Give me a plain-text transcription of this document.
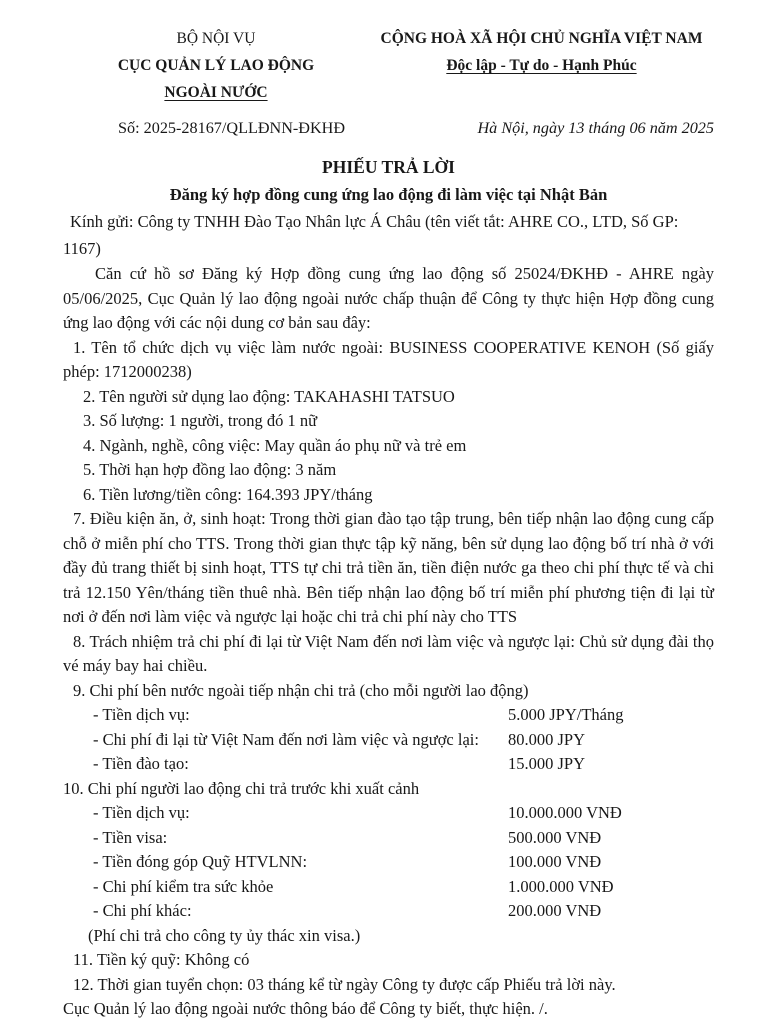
BỘ NỘI VỤ
CỤC QUẢN LÝ LAO ĐỘNG
NGOÀI NƯỚC
CỘNG HOÀ XÃ HỘI CHỦ NGHĨA VIỆT NAM
Độc lập - Tự do - Hạnh Phúc
Số: 2025-28167/QLLĐNN-ĐKHĐ	Hà Nội, ngày 13 tháng 06 năm 2025
PHIẾU TRẢ LỜI
Đăng ký hợp đồng cung ứng lao động đi làm việc tại Nhật Bản

Kính gửi: Công ty TNHH Đào Tạo Nhân lực Á Châu (tên viết tắt: AHRE CO., LTD, Số GP: 1167)

Căn cứ hồ sơ Đăng ký Hợp đồng cung ứng lao động số 25024/ĐKHĐ - AHRE ngày 05/06/2025, Cục Quản lý lao động ngoài nước chấp thuận để Công ty thực hiện Hợp đồng cung ứng lao động với các nội dung cơ bản sau đây:

1. Tên tổ chức dịch vụ việc làm nước ngoài: BUSINESS COOPERATIVE KENOH (Số giấy phép: 1712000238)

2. Tên người sử dụng lao động: TAKAHASHI TATSUO

3. Số lượng: 1 người, trong đó 1 nữ

4. Ngành, nghề, công việc: May quần áo phụ nữ và trẻ em

5. Thời hạn hợp đồng lao động: 3 năm

6. Tiền lương/tiền công: 164.393 JPY/tháng

7. Điều kiện ăn, ở, sinh hoạt: Trong thời gian đào tạo tập trung, bên tiếp nhận lao động cung cấp chỗ ở miễn phí cho TTS. Trong thời gian thực tập kỹ năng, bên sử dụng lao động bố trí nhà ở với đầy đủ trang thiết bị sinh hoạt, TTS tự chi trả tiền ăn, tiền điện nước ga theo chi phí thực tế và chi trả 12.150 Yên/tháng tiền thuê nhà. Bên tiếp nhận lao động bố trí miễn phí phương tiện đi lại từ nơi ở đến nơi làm việc và ngược lại hoặc chi trả chi phí này cho TTS

8. Trách nhiệm trả chi phí đi lại từ Việt Nam đến nơi làm việc và ngược lại: Chủ sử dụng đài thọ vé máy bay hai chiều.

9. Chi phí bên nước ngoài tiếp nhận chi trả (cho mỗi người lao động)

- Tiền dịch vụ:	5.000 JPY/Tháng
- Chi phí đi lại từ Việt Nam đến nơi làm việc và ngược lại:	80.000 JPY
- Tiền đào tạo:	15.000 JPY

10. Chi phí người lao động chi trả trước khi xuất cảnh

- Tiền dịch vụ:	10.000.000 VNĐ
- Tiền visa:	500.000 VNĐ
- Tiền đóng góp Quỹ HTVLNN:	100.000 VNĐ
- Chi phí kiểm tra sức khỏe	1.000.000 VNĐ
- Chi phí khác:	200.000 VNĐ

(Phí chi trả cho công ty ủy thác xin visa.)

11. Tiền ký quỹ: Không có

12. Thời gian tuyển chọn: 03 tháng kể từ ngày Công ty được cấp Phiếu trả lời này.

Cục Quản lý lao động ngoài nước thông báo để Công ty biết, thực hiện. /.
